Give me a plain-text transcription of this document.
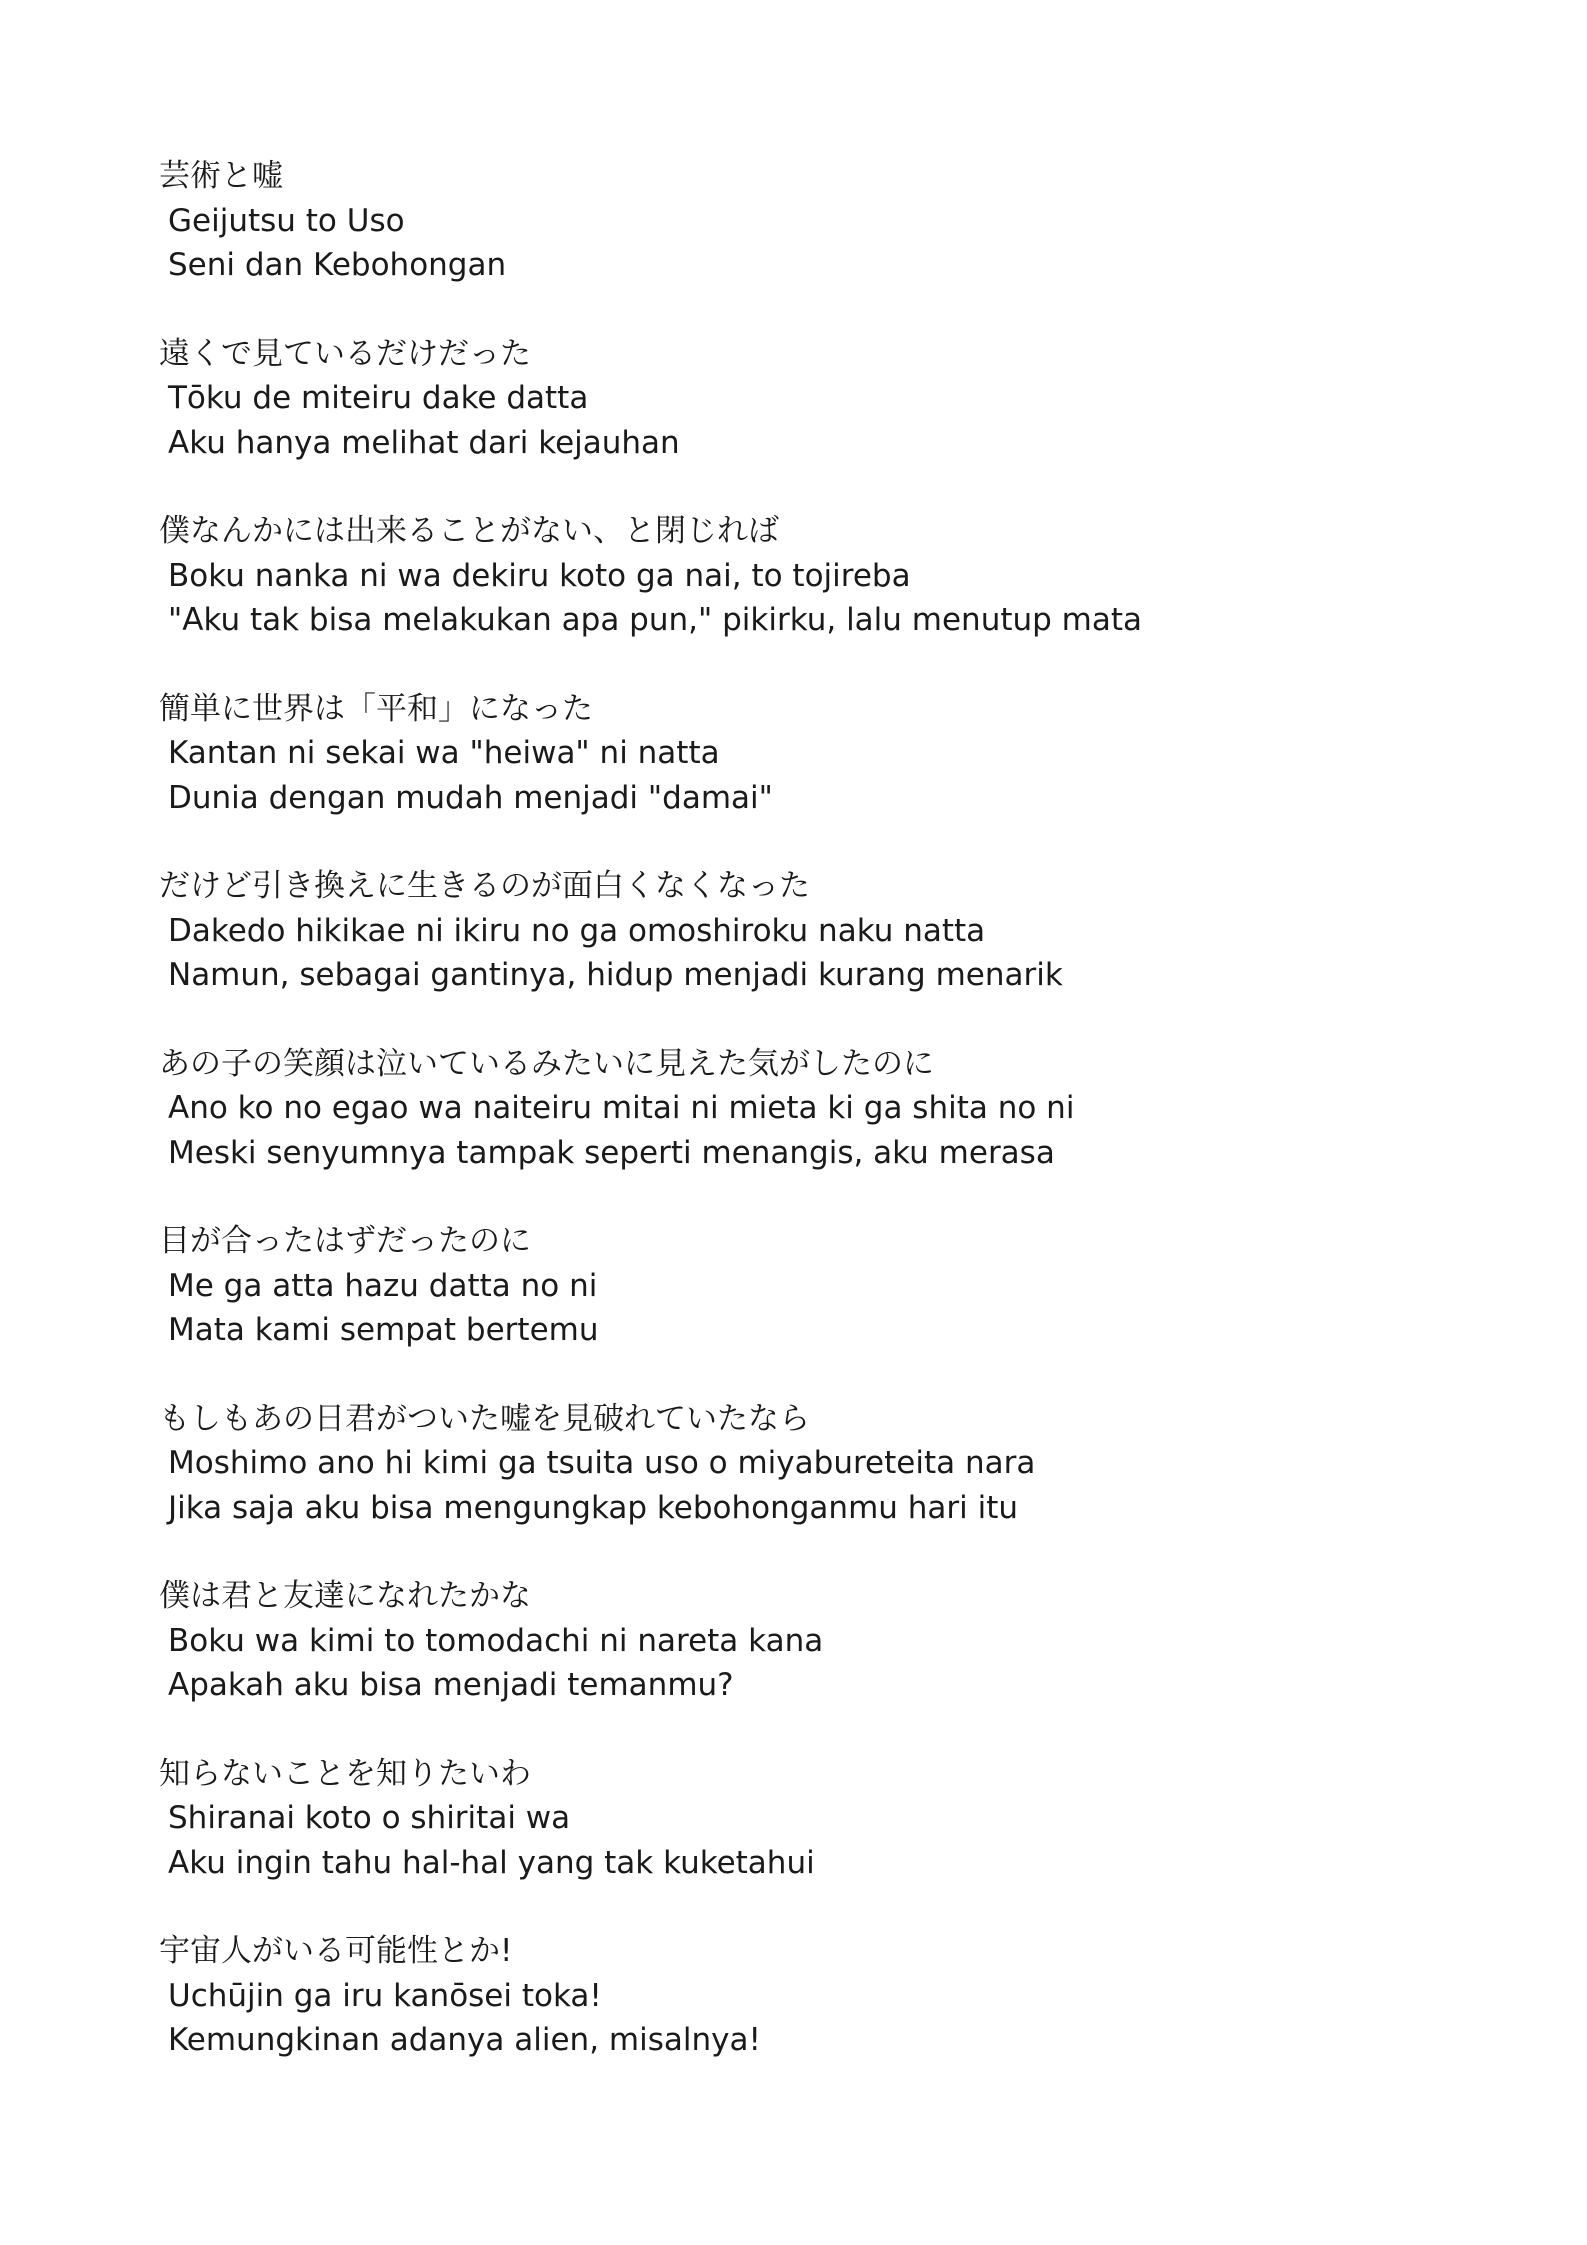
芸術と嘘
Geijutsu to Uso
Seni dan Kebohongan
遠くで見ているだけだった
Tōku de miteiru dake datta
Aku hanya melihat dari kejauhan
僕なんかには出来ることがない、と閉じれば
Boku nanka ni wa dekiru koto ga nai, to tojireba
"Aku tak bisa melakukan apa pun," pikirku, lalu menutup mata
簡単に世界は「平和」になった
Kantan ni sekai wa "heiwa" ni natta
Dunia dengan mudah menjadi "damai"
だけど引き換えに生きるのが面白くなくなった
Dakedo hikikae ni ikiru no ga omoshiroku naku natta
Namun, sebagai gantinya, hidup menjadi kurang menarik
あの子の笑顔は泣いているみたいに見えた気がしたのに
Ano ko no egao wa naiteiru mitai ni mieta ki ga shita no ni
Meski senyumnya tampak seperti menangis, aku merasa
目が合ったはずだったのに
Me ga atta hazu datta no ni
Mata kami sempat bertemu
もしもあの日君がついた嘘を見破れていたなら
Moshimo ano hi kimi ga tsuita uso o miyabureteita nara
Jika saja aku bisa mengungkap kebohonganmu hari itu
僕は君と友達になれたかな
Boku wa kimi to tomodachi ni nareta kana
Apakah aku bisa menjadi temanmu?
知らないことを知りたいわ
Shiranai koto o shiritai wa
Aku ingin tahu hal-hal yang tak kuketahui
宇宙人がいる可能性とか!
Uchūjin ga iru kanōsei toka!
Kemungkinan adanya alien, misalnya!
